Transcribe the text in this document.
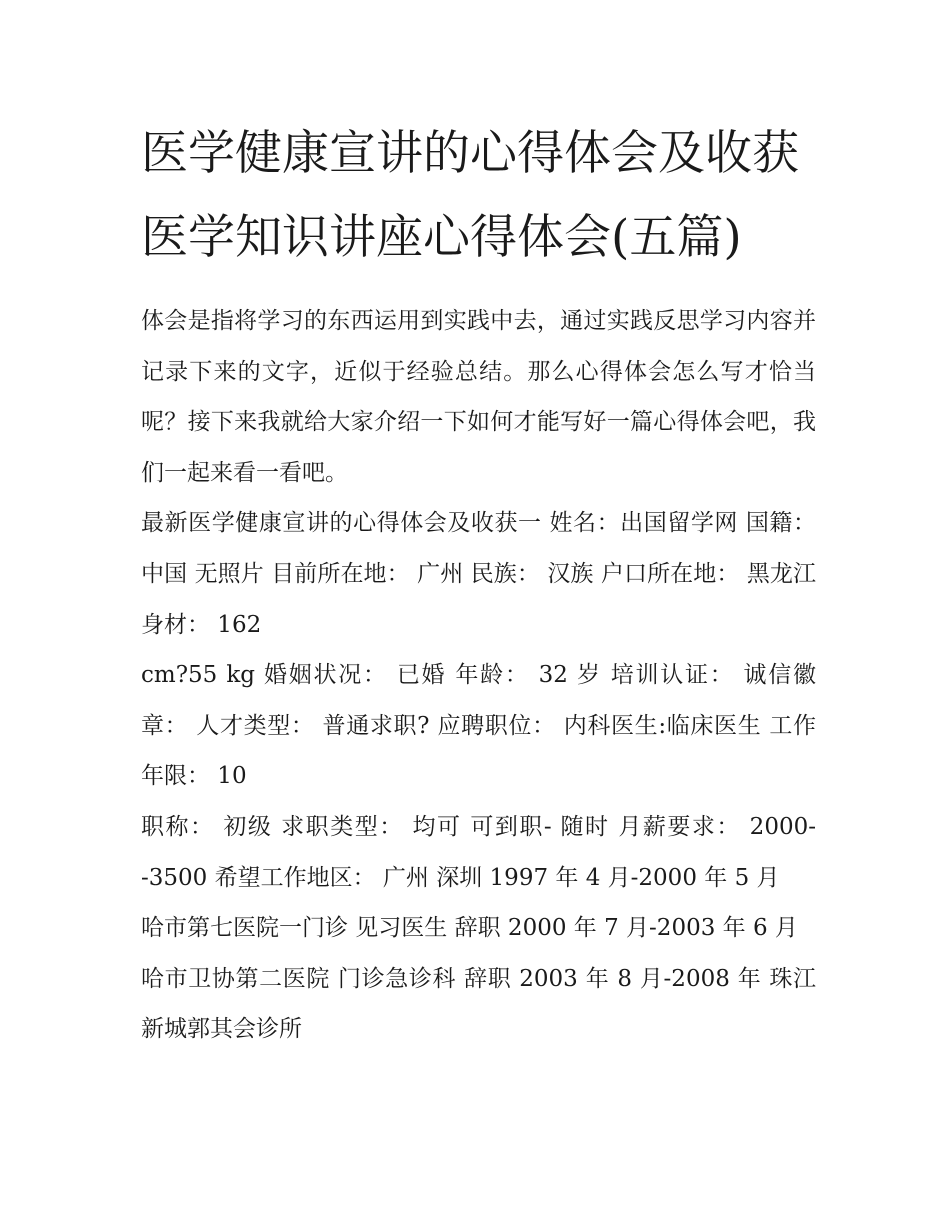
医学健康宣讲的心得体会及收获 医学知识讲座心得体会(五篇)

体会是指将学习的东西运用到实践中去，通过实践反思学习内容并记录下来的文字，近似于经验总结。那么心得体会怎么写才恰当呢？接下来我就给大家介绍一下如何才能写好一篇心得体会吧，我们一起来看一看吧。

最新医学健康宣讲的心得体会及收获一 姓名：出国留学网 国籍： 中国 无照片 目前所在地： 广州 民族： 汉族 户口所在地： 黑龙江 身材： 162

cm?55 kg 婚姻状况： 已婚 年龄： 32 岁 培训认证： 诚信徽章： 人才类型： 普通求职? 应聘职位： 内科医生:临床医生 工作年限： 10

职称： 初级 求职类型： 均可 可到职- 随时 月薪要求： 2000--3500 希望工作地区： 广州 深圳 1997 年 4 月-2000 年 5 月

哈市第七医院一门诊 见习医生 辞职 2000 年 7 月-2003 年 6 月

哈市卫协第二医院 门诊急诊科 辞职 2003 年 8 月-2008 年 珠江新城郭其会诊所
